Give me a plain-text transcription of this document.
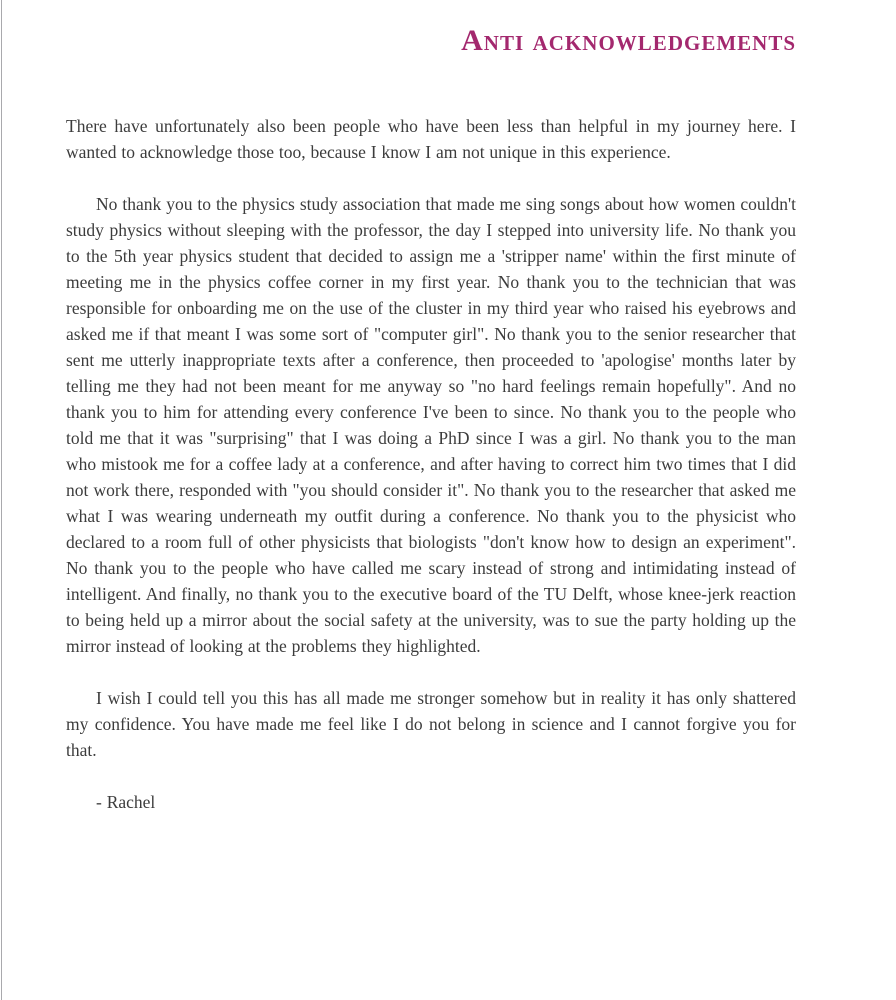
Anti acknowledgements

There have unfortunately also been people who have been less than helpful in my journey here. I wanted to acknowledge those too, because I know I am not unique in this experience.

No thank you to the physics study association that made me sing songs about how women couldn't study physics without sleeping with the professor, the day I stepped into university life. No thank you to the 5th year physics student that decided to assign me a 'stripper name' within the first minute of meeting me in the physics coffee corner in my first year. No thank you to the technician that was responsible for onboarding me on the use of the cluster in my third year who raised his eyebrows and asked me if that meant I was some sort of "computer girl". No thank you to the senior researcher that sent me utterly inappropriate texts after a conference, then proceeded to 'apologise' months later by telling me they had not been meant for me anyway so "no hard feelings remain hopefully". And no thank you to him for attending every conference I've been to since. No thank you to the people who told me that it was "surprising" that I was doing a PhD since I was a girl. No thank you to the man who mistook me for a coffee lady at a conference, and after having to correct him two times that I did not work there, responded with "you should consider it". No thank you to the researcher that asked me what I was wearing underneath my outfit during a conference. No thank you to the physicist who declared to a room full of other physicists that biologists "don't know how to design an experiment". No thank you to the people who have called me scary instead of strong and intimidating instead of intelligent. And finally, no thank you to the executive board of the TU Delft, whose knee-jerk reaction to being held up a mirror about the social safety at the university, was to sue the party holding up the mirror instead of looking at the problems they highlighted.

I wish I could tell you this has all made me stronger somehow but in reality it has only shattered my confidence. You have made me feel like I do not belong in science and I cannot forgive you for that.

- Rachel
